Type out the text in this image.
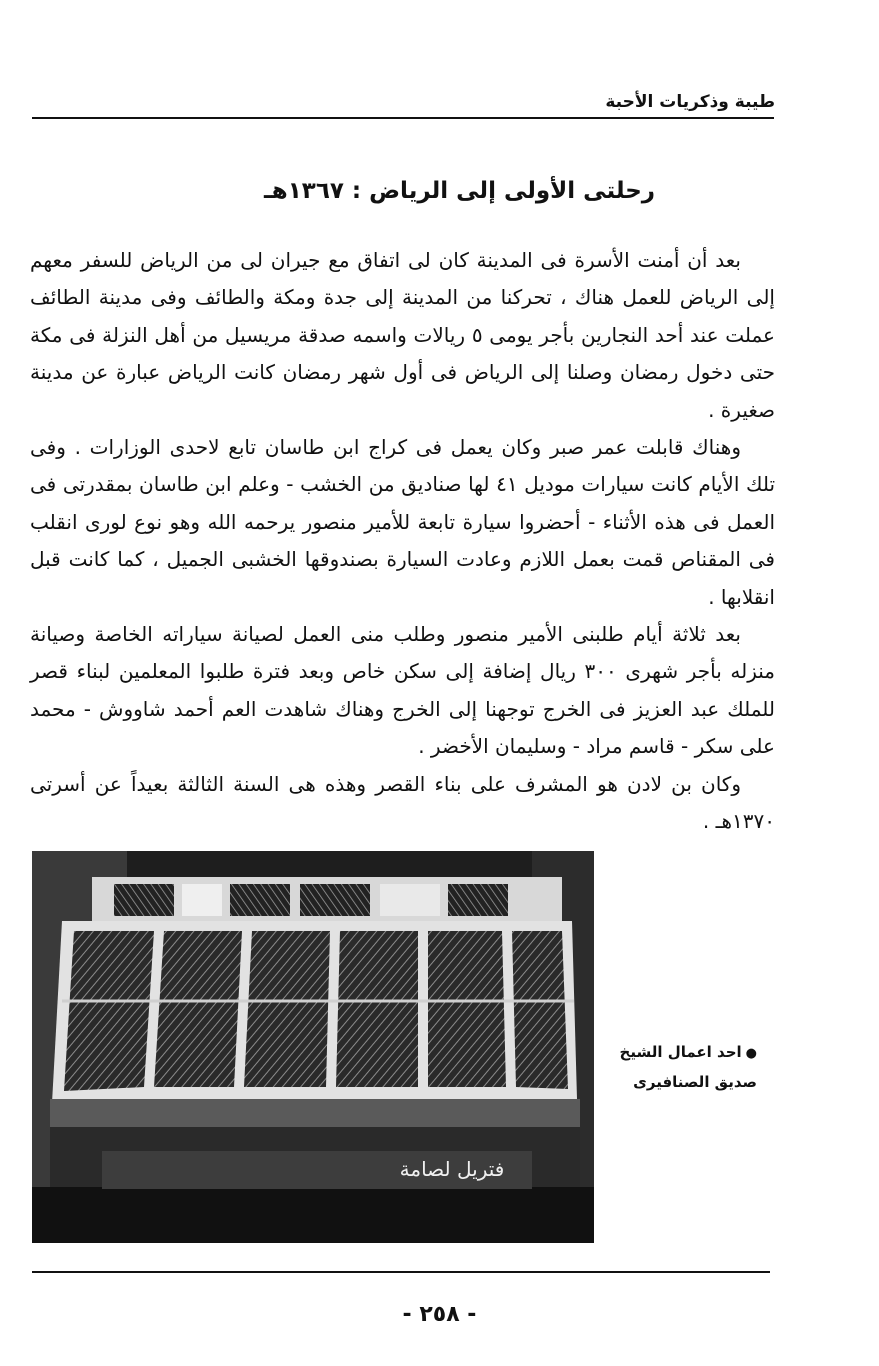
طيبة وذكريات الأحبة
رحلتى الأولى إلى الرياض : ١٣٦٧هـ

بعد أن أمنت الأسرة فى المدينة كان لى اتفاق مع جيران لى من الرياض للسفر معهم إلى الرياض للعمل هناك ، تحركنا من المدينة إلى جدة ومكة والطائف وفى مدينة الطائف عملت عند أحد النجارين بأجر يومى ٥ ريالات واسمه صدقة مريسيل من أهل النزلة فى مكة حتى دخول رمضان وصلنا إلى الرياض فى أول شهر رمضان كانت الرياض عبارة عن مدينة صغيرة .

وهناك قابلت عمر صبر وكان يعمل فى كراج ابن طاسان تابع لاحدى الوزارات . وفى تلك الأيام كانت سيارات موديل ٤١ لها صناديق من الخشب - وعلم ابن طاسان بمقدرتى فى العمل فى هذه الأثناء - أحضروا سيارة تابعة للأمير منصور يرحمه الله وهو نوع لورى انقلب فى المقناص قمت بعمل اللازم وعادت السيارة بصندوقها الخشبى الجميل ، كما كانت قبل انقلابها .

بعد ثلاثة أيام طلبنى الأمير منصور وطلب منى العمل لصيانة سياراته الخاصة وصيانة منزله بأجر شهرى ٣٠٠ ريال إضافة إلى سكن خاص وبعد فترة طلبوا المعلمين لبناء قصر للملك عبد العزيز فى الخرج توجهنا إلى الخرج وهناك شاهدت العم أحمد شاووش - محمد على سكر - قاسم مراد - وسليمان الأخضر .

وكان بن لادن هو المشرف على بناء القصر وهذه هى السنة الثالثة بعيداً عن أسرتى ١٣٧٠هـ .

فتريل لصامة
●احد اعمال الشيخ
صديق الصنافيرى
- ٢٥٨ -
